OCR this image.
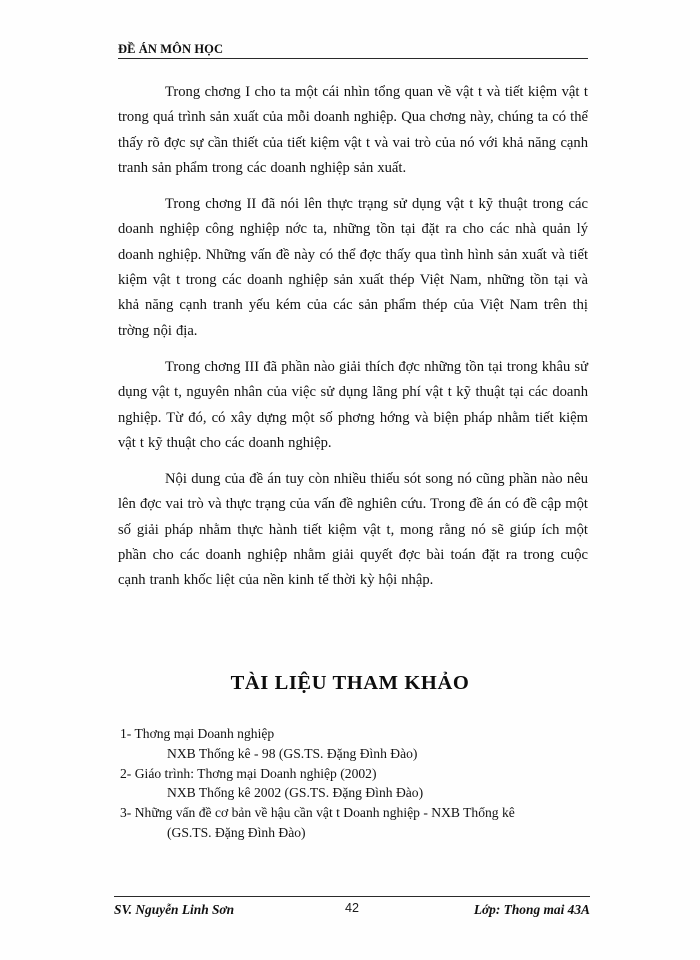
ĐỀ ÁN MÔN HỌC

Trong chơng I cho ta một cái nhìn tổng quan về vật t và tiết kiệm vật t trong quá trình sản xuất của mỗi doanh nghiệp. Qua chơng này, chúng ta có thể thấy rõ đợc sự cần thiết của tiết kiệm vật t và vai trò của nó với khả năng cạnh tranh sản phẩm trong các doanh nghiệp sản xuất.

Trong chơng II đã nói lên thực trạng sử dụng vật t kỹ thuật trong các doanh nghiệp công nghiệp nớc ta, những tồn tại đặt ra cho các nhà quản lý doanh nghiệp. Những vấn đề này có thể đợc thấy qua tình hình sản xuất và tiết kiệm vật t trong các doanh nghiệp sản xuất thép Việt Nam, những tồn tại và khả năng cạnh tranh yếu kém của các sản phẩm thép của Việt Nam trên thị trờng nội địa.

Trong chơng III đã phần nào giải thích đợc những tồn tại trong khâu sử dụng vật t, nguyên nhân của việc sử dụng lãng phí vật t kỹ thuật tại các doanh nghiệp. Từ đó, có xây dựng một số phơng hớng và biện pháp nhằm tiết kiệm vật t kỹ thuật cho các doanh nghiệp.

Nội dung của đề án tuy còn nhiều thiếu sót song nó cũng phần nào nêu lên đợc vai trò và thực trạng của vấn đề nghiên cứu. Trong đề án có đề cập một số giải pháp nhằm thực hành tiết kiệm vật t, mong rằng nó sẽ giúp ích một phần cho các doanh nghiệp nhằm giải quyết đợc bài toán đặt ra trong cuộc cạnh tranh khốc liệt của nền kinh tế thời kỳ hội nhập.

TÀI LIỆU THAM KHẢO
1- Thơng mại Doanh nghiệp
NXB Thống kê - 98 (GS.TS. Đặng Đình Đào)
2- Giáo trình: Thơng mại Doanh nghiệp (2002)
NXB Thống kê 2002 (GS.TS. Đặng Đình Đào)
3- Những vấn đề cơ bản về hậu cần vật t Doanh nghiệp - NXB Thống kê
(GS.TS. Đặng Đình Đào)
SV. Nguyễn Linh Sơn	Lớp: Thong mai 43A
42
